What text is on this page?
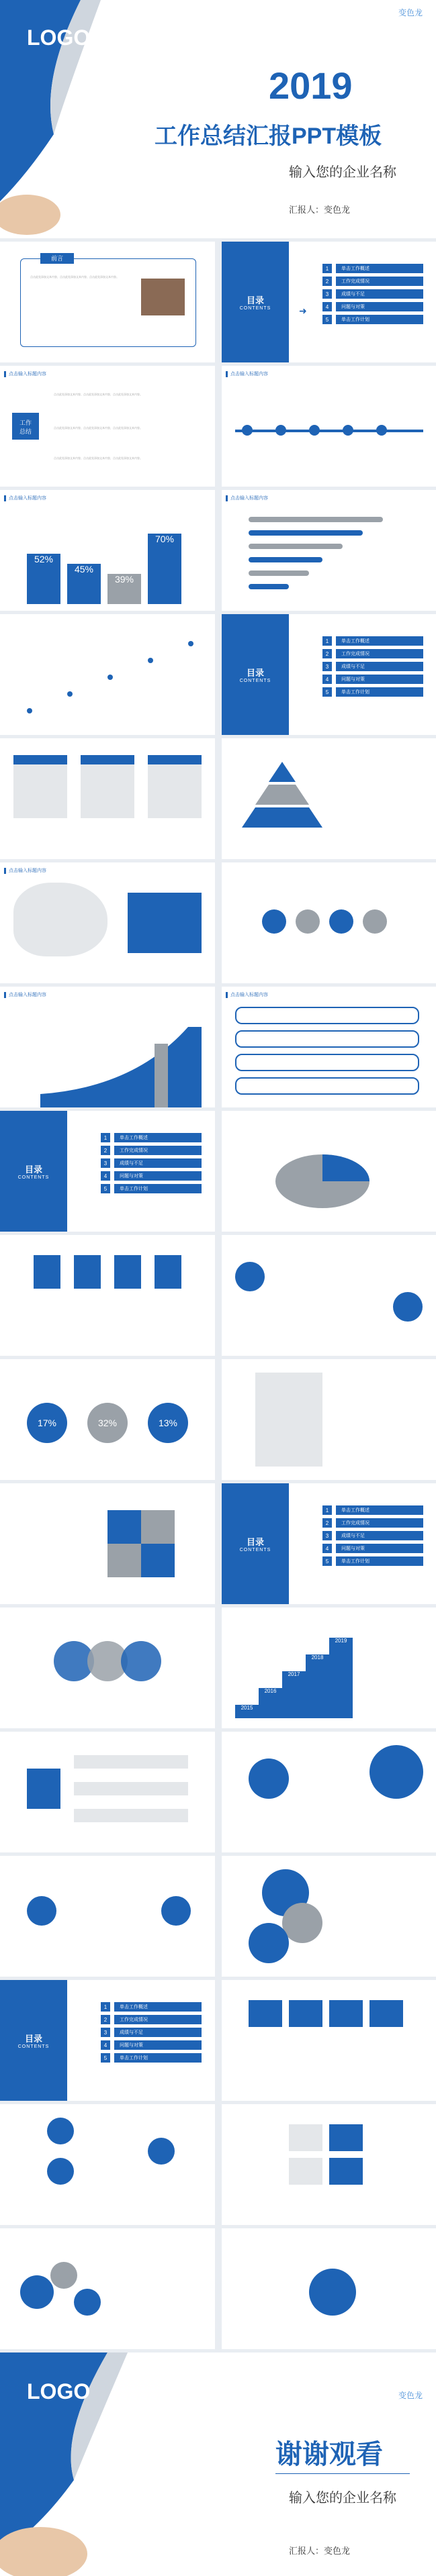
LOGO
变色龙
2019
工作总结汇报PPT模板
输入您的企业名称
汇报人：变色龙
前言
点击此处添加文本内容，点击此处添加文本内容，点击此处添加文本内容。
目录
CONTENTS
1	单击工作概述
2	工作完成情况
3	成绩与不足
4	问题与对策
5	单击工作计划
➜
点击输入标题内容
工作
总结
点击此处添加文本内容，点击此处添加文本内容，点击此处添加文本内容。
点击此处添加文本内容，点击此处添加文本内容，点击此处添加文本内容。
点击此处添加文本内容，点击此处添加文本内容，点击此处添加文本内容。
点击输入标题内容
点击输入标题内容
52%
45%
39%
70%
点击输入标题内容
目录
CONTENTS
1	单击工作概述
2	工作完成情况
3	成绩与不足
4	问题与对策
5	单击工作计划
点击输入标题内容
点击输入标题内容	点击输入标题内容
目录
CONTENTS
1	单击工作概述
2	工作完成情况
3	成绩与不足
4	问题与对策
5	单击工作计划
17%	32%	13%
目录
CONTENTS
1	单击工作概述
2	工作完成情况
3	成绩与不足
4	问题与对策
5	单击工作计划
2015
2016
2017
2018
2019
目录
CONTENTS
1	单击工作概述
2	工作完成情况
3	成绩与不足
4	问题与对策
5	单击工作计划
LOGO	变色龙
谢谢观看
输入您的企业名称
汇报人：变色龙
